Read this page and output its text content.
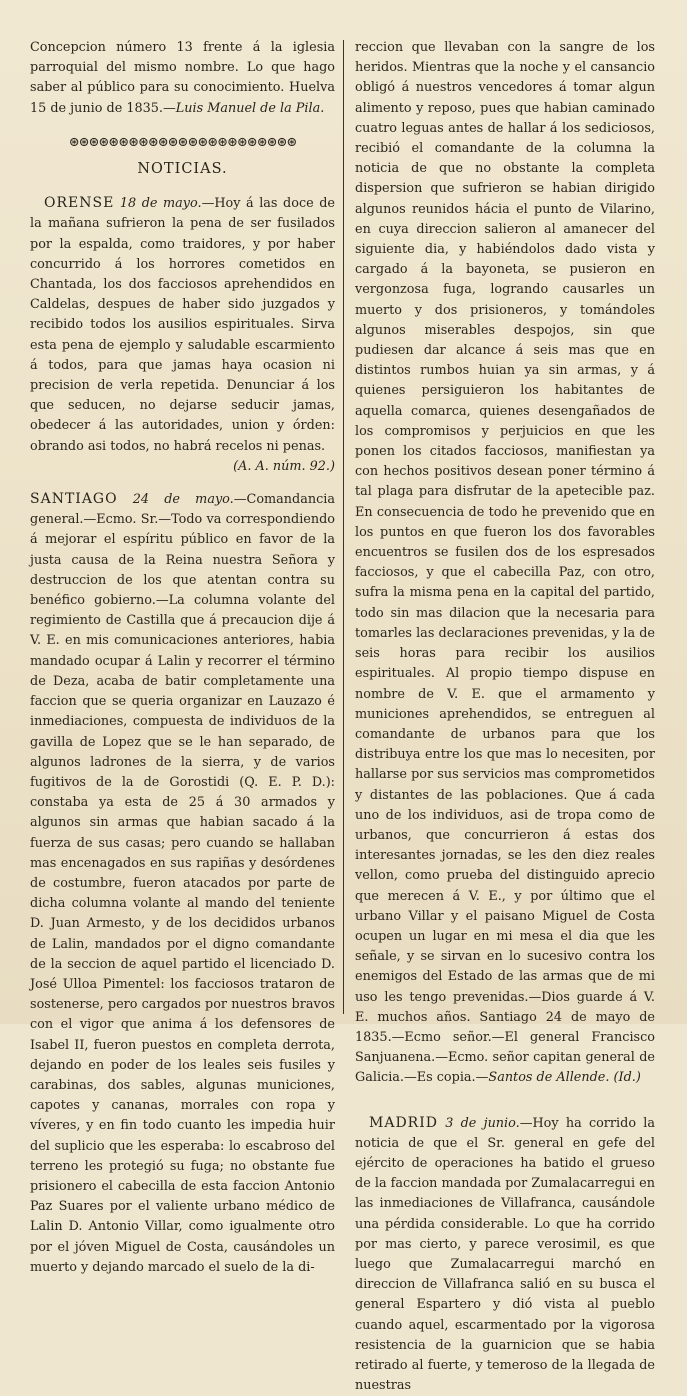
Concepcion número 13 frente á la iglesia parroquial del mismo nombre. Lo que hago saber al público para su conocimiento. Huelva 15 de junio de 1835.—Luis Manuel de la Pila.

⊛⊛⊛⊛⊛⊛⊛⊛⊛⊛⊛⊛⊛⊛⊛⊛⊛⊛⊛⊛⊛⊛⊛
NOTICIAS.

ORENSE 18 de mayo.—Hoy á las doce de la mañana sufrieron la pena de ser fusilados por la espalda, como traidores, y por haber concurrido á los horrores cometidos en Chantada, los dos facciosos aprehendidos en Caldelas, despues de haber sido juzgados y recibido todos los ausilios espirituales. Sirva esta pena de ejemplo y saludable escarmiento á todos, para que jamas haya ocasion ni precision de verla repetida. Denunciar á los que seducen, no dejarse seducir jamas, obedecer á las autoridades, union y órden: obrando asi todos, no habrá recelos ni penas.

(A. A. núm. 92.)

SANTIAGO 24 de mayo.—Comandancia general.—Ecmo. Sr.—Todo va correspondiendo á mejorar el espíritu público en favor de la justa causa de la Reina nuestra Señora y destruccion de los que atentan contra su benéfico gobierno.—La columna volante del regimiento de Castilla que á precaucion dije á V. E. en mis comunicaciones anteriores, habia mandado ocupar á Lalin y recorrer el término de Deza, acaba de batir completamente una faccion que se queria organizar en Lauzazo é inmediaciones, compuesta de individuos de la gavilla de Lopez que se le han separado, de algunos ladrones de la sierra, y de varios fugitivos de la de Gorostidi (Q. E. P. D.): constaba ya esta de 25 á 30 armados y algunos sin armas que habian sacado á la fuerza de sus casas; pero cuando se hallaban mas encenagados en sus rapiñas y desórdenes de costumbre, fueron atacados por parte de dicha columna volante al mando del teniente D. Juan Armesto, y de los decididos urbanos de Lalin, mandados por el digno comandante de la seccion de aquel partido el licenciado D. José Ulloa Pimentel: los facciosos trataron de sostenerse, pero cargados por nuestros bravos con el vigor que anima á los defensores de Isabel II, fueron puestos en completa derrota, dejando en poder de los leales seis fusiles y carabinas, dos sables, algunas municiones, capotes y cananas, morrales con ropa y víveres, y en fin todo cuanto les impedia huir del suplicio que les esperaba: lo escabroso del terreno les protegió su fuga; no obstante fue prisionero el cabecilla de esta faccion Antonio Paz Suares por el valiente urbano médico de Lalin D. Antonio Villar, como igualmente otro por el jóven Miguel de Costa, causándoles un muerto y dejando marcado el suelo de la di-

reccion que llevaban con la sangre de los heridos. Mientras que la noche y el cansancio obligó á nuestros vencedores á tomar algun alimento y reposo, pues que habian caminado cuatro leguas antes de hallar á los sediciosos, recibió el comandante de la columna la noticia de que no obstante la completa dispersion que sufrieron se habian dirigido algunos reunidos hácia el punto de Vilarino, en cuya direccion salieron al amanecer del siguiente dia, y habiéndolos dado vista y cargado á la bayoneta, se pusieron en vergonzosa fuga, logrando causarles un muerto y dos prisioneros, y tomándoles algunos miserables despojos, sin que pudiesen dar alcance á seis mas que en distintos rumbos huian ya sin armas, y á quienes persiguieron los habitantes de aquella comarca, quienes desengañados de los compromisos y perjuicios en que les ponen los citados facciosos, manifiestan ya con hechos positivos desean poner término á tal plaga para disfrutar de la apetecible paz. En consecuencia de todo he prevenido que en los puntos en que fueron los dos favorables encuentros se fusilen dos de los espresados facciosos, y que el cabecilla Paz, con otro, sufra la misma pena en la capital del partido, todo sin mas dilacion que la necesaria para tomarles las declaraciones prevenidas, y la de seis horas para recibir los ausilios espirituales. Al propio tiempo dispuse en nombre de V. E. que el armamento y municiones aprehendidos, se entreguen al comandante de urbanos para que los distribuya entre los que mas lo necesiten, por hallarse por sus servicios mas comprometidos y distantes de las poblaciones. Que á cada uno de los individuos, asi de tropa como de urbanos, que concurrieron á estas dos interesantes jornadas, se les den diez reales vellon, como prueba del distinguido aprecio que merecen á V. E., y por último que el urbano Villar y el paisano Miguel de Costa ocupen un lugar en mi mesa el dia que les señale, y se sirvan en lo sucesivo contra los enemigos del Estado de las armas que de mi uso les tengo prevenidas.—Dios guarde á V. E. muchos años. Santiago 24 de mayo de 1835.—Ecmo señor.—El general Francisco Sanjuanena.—Ecmo. señor capitan general de Galicia.—Es copia.—Santos de Allende. (Id.)

MADRID 3 de junio.—Hoy ha corrido la noticia de que el Sr. general en gefe del ejército de operaciones ha batido el grueso de la faccion mandada por Zumalacarregui en las inmediaciones de Villafranca, causándole una pérdida considerable. Lo que ha corrido por mas cierto, y parece verosimil, es que luego que Zumalacarregui marchó en direccion de Villafranca salió en su busca el general Espartero y dió vista al pueblo cuando aquel, escarmentado por la vigorosa resistencia de la guarnicion que se habia retirado al fuerte, y temeroso de la llegada de nuestras
